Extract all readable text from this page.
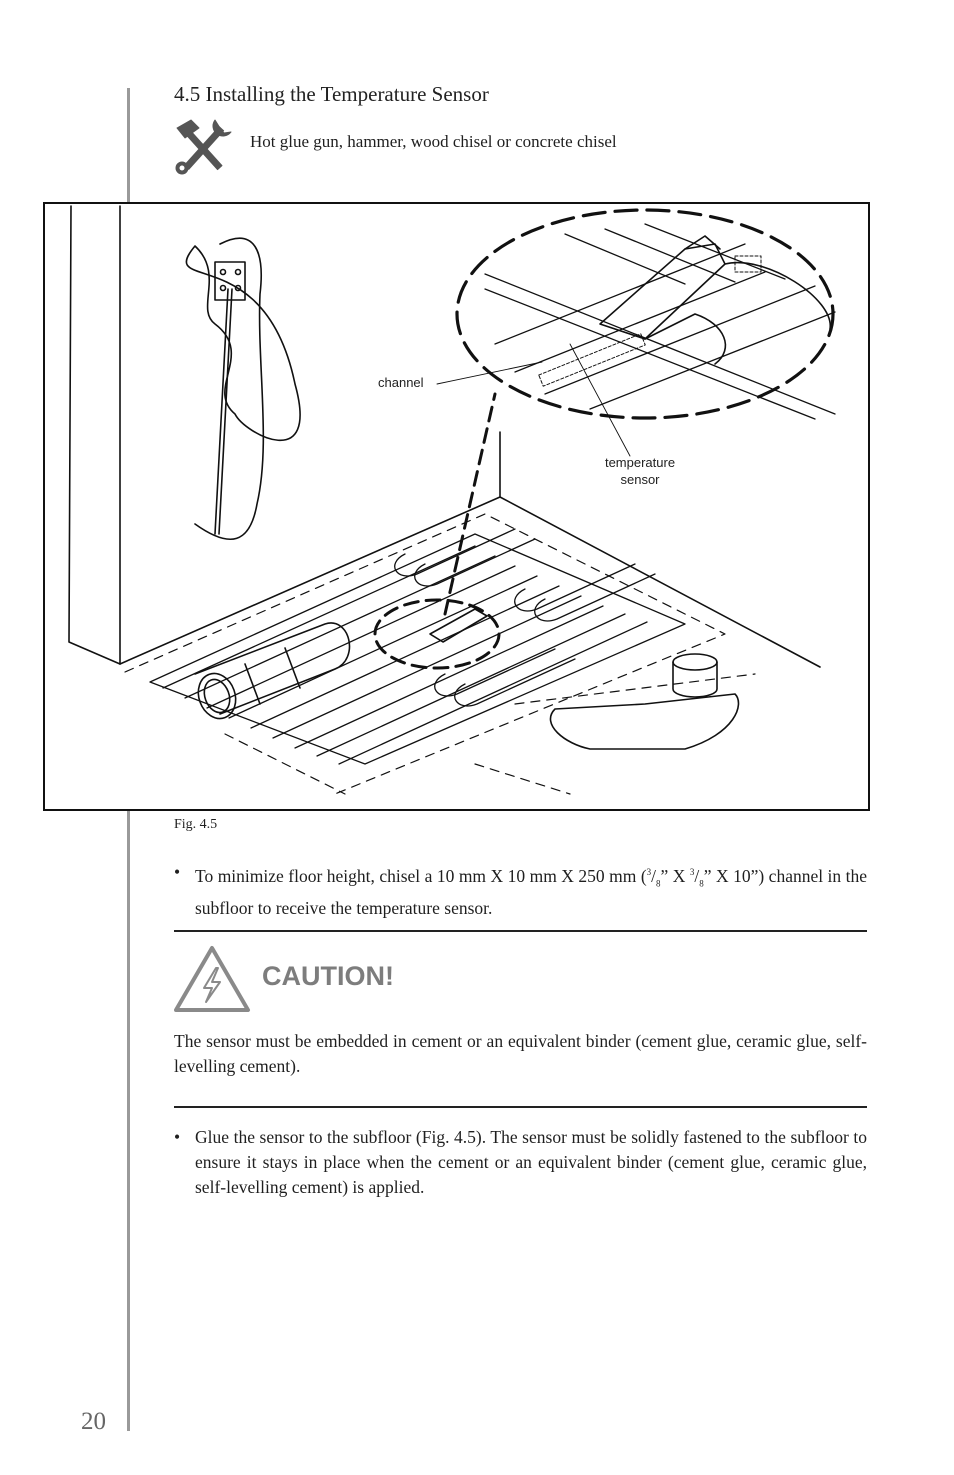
4.5 Installing the Temperature Sensor
Hot glue gun, hammer, wood chisel or concrete chisel
channel
temperature
sensor
Fig. 4.5
• To minimize floor height, chisel a 10 mm X 10 mm X 250 mm ($^3/_8$” X $^3/_8$” X 10”) channel in the subfloor to receive the temperature sensor.
CAUTION!
The sensor must be embedded in cement or an equivalent binder (cement glue, ceramic glue, self-levelling cement).
• Glue the sensor to the subfloor (Fig. 4.5). The sensor must be solidly fastened to the subfloor to ensure it stays in place when the cement or an equivalent binder (cement glue, ceramic glue, self-levelling cement) is applied.
20
